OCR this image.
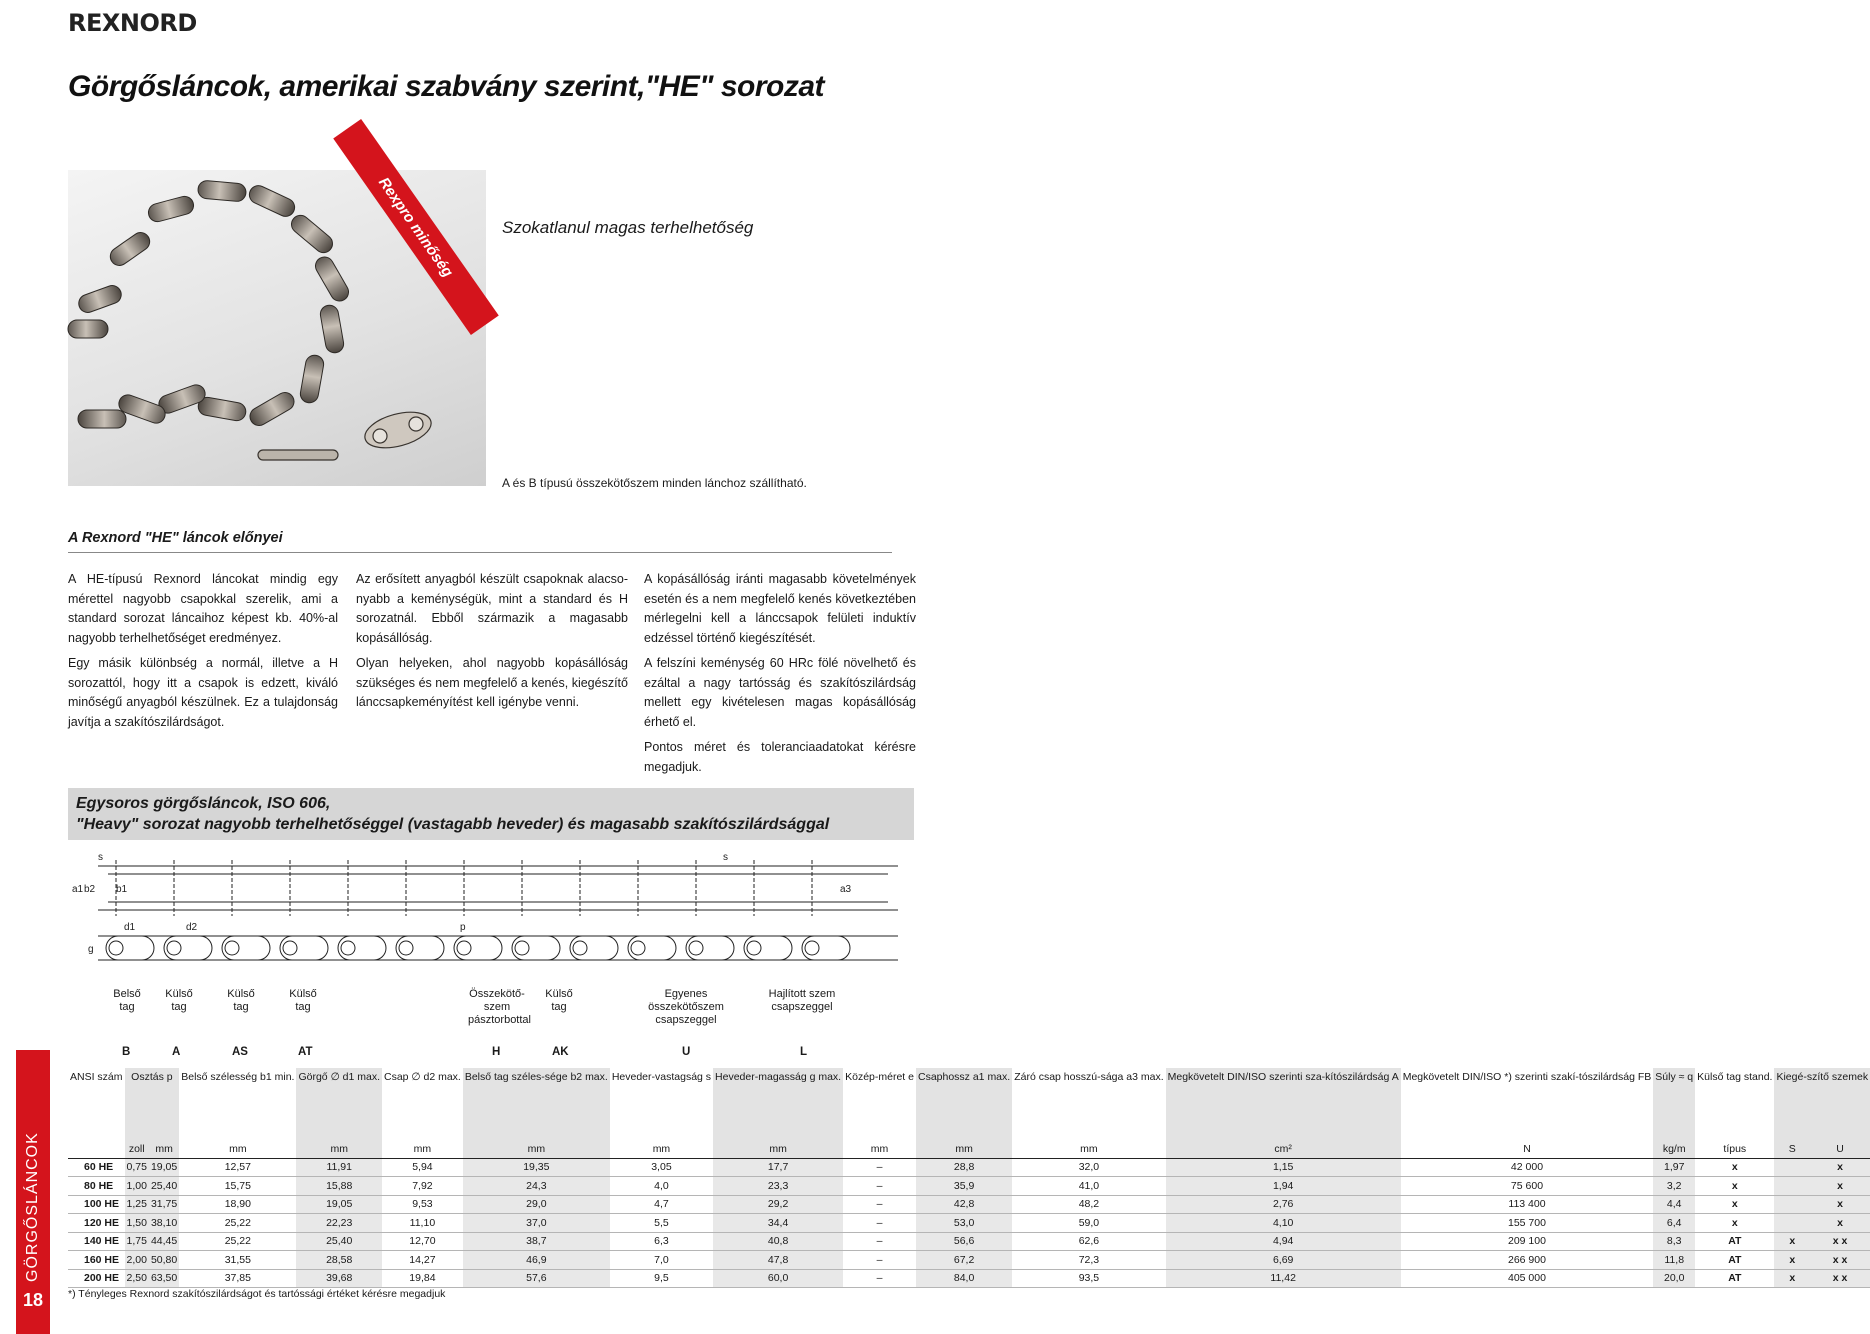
REXNORD
Görgősláncok, amerikai szabvány szerint,"HE" sorozat
Rexpro minőség	Szokatlanul magas terhelhetőség
A és B típusú összekötőszem minden lánchoz szállítható.
A Rexnord "HE" láncok előnyei

A HE-típusú Rexnord láncokat mindig egy mérettel nagyobb csapokkal szerelik, ami a standard sorozat láncaihoz képest kb. 40%-al nagyobb terhelhetőséget eredményez.

Egy másik különbség a normál, illetve a H sorozattól, hogy itt a csapok is edzett, kiváló minőségű anyagból készülnek. Ez a tulajdonság javítja a szakítószilárdságot.

Az erősített anyagból készült csapoknak alacsonyabb a keménységük, mint a standard és H sorozatnál. Ebből származik a magasabb kopásállóság.

Olyan helyeken, ahol nagyobb kopásállóság szükséges és nem megfelelő a kenés, kiegészítő lánccsapkeményítést kell igénybe venni.

A kopásállóság iránti magasabb követelmények esetén és a nem megfelelő kenés következtében mérlegelni kell a lánccsapok felületi induktív edzéssel történő kiegészítését.

A felszíni keménység 60 HRc fölé növelhető és ezáltal a nagy tartósság és szakítószilárdság mellett egy kivételesen magas kopásállóság érhető el.

Pontos méret és toleranciaadatokat kérésre megadjuk.

Egysoros görgősláncok, ISO 606,
"Heavy" sorozat nagyobb terhelhetőséggel (vastagabb heveder) és magasabb szakítószilárdsággal
s	s
a1 b2 b1	a3
d1	d2	p
g
Belső tag
Külső tag
Külső tag
Külső tag
Összekötő-szem pásztorbottal
Külső tag
Egyenes összekötőszem csapszeggel
Hajlított szem csapszeggel
B	A	AS	AT	H	AK	U	L
GÖRGŐSLÁNCOK
18
ANSI szám	Osztás p		Belső szélesség b1 min.	Görgő ∅ d1 max.	Csap ∅ d2 max.	Belső tag széles-sége b2 max.	Heveder-vastagság s	Heveder-magasság g max.	Közép-méret e	Csaphossz a1 max.	Záró csap hosszú-sága a3 max.	Megkövetelt DIN/ISO szerinti sza-kítószilárdság A	Megkövetelt DIN/ISO *) szerinti szakí-tószilárdság FB	Súly ≈ q	Külső tag stand.	Kiegé-szítő szemek	
	zoll	mm	mm	mm	mm	mm	mm	mm	mm	mm	mm	cm²	N	kg/m	típus	S	U
60 HE	0,75	19,05	12,57	11,91	5,94	19,35	3,05	17,7	–	28,8	32,0	1,15	42 000	1,97	x		x
80 HE	1,00	25,40	15,75	15,88	7,92	24,3	4,0	23,3	–	35,9	41,0	1,94	75 600	3,2	x		x
100 HE	1,25	31,75	18,90	19,05	9,53	29,0	4,7	29,2	–	42,8	48,2	2,76	113 400	4,4	x		x
120 HE	1,50	38,10	25,22	22,23	11,10	37,0	5,5	34,4	–	53,0	59,0	4,10	155 700	6,4	x		x
140 HE	1,75	44,45	25,22	25,40	12,70	38,7	6,3	40,8	–	56,6	62,6	4,94	209 100	8,3	AT	x	x x
160 HE	2,00	50,80	31,55	28,58	14,27	46,9	7,0	47,8	–	67,2	72,3	6,69	266 900	11,8	AT	x	x x
200 HE	2,50	63,50	37,85	39,68	19,84	57,6	9,5	60,0	–	84,0	93,5	11,42	405 000	20,0	AT	x	x x
*) Tényleges Rexnord szakítószilárdságot és tartóssági értéket kérésre megadjuk
